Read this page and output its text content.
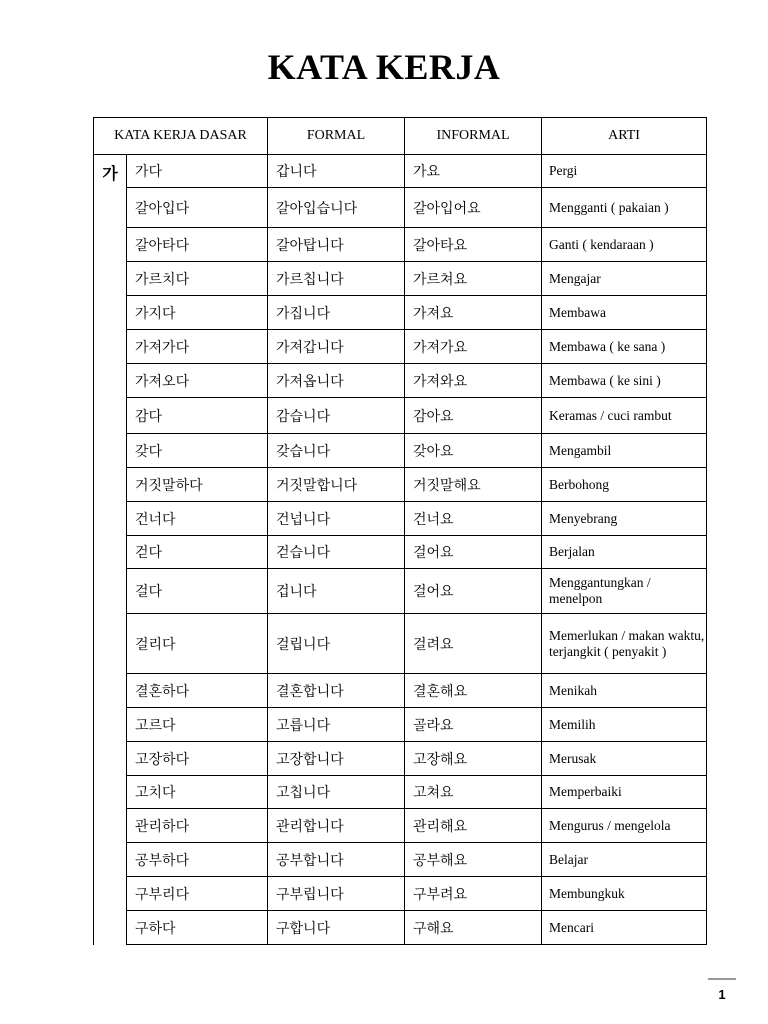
KATA KERJA
KATA KERJA DASAR		FORMAL	INFORMAL	ARTI
가	가다	갑니다	가요	Pergi
	갈아입다	갈아입습니다	갈아입어요	Mengganti ( pakaian )
	갈아타다	갈아탑니다	갈아타요	Ganti ( kendaraan )
	가르치다	가르칩니다	가르쳐요	Mengajar
	가지다	가집니다	가져요	Membawa
	가져가다	가져갑니다	가져가요	Membawa ( ke sana )
	가져오다	가져옵니다	가져와요	Membawa ( ke sini )
	감다	감습니다	감아요	Keramas / cuci rambut
	갖다	갖습니다	갖아요	Mengambil
	거짓말하다	거짓말합니다	거짓말해요	Berbohong
	건너다	건넙니다	건너요	Menyebrang
	걷다	걷습니다	걸어요	Berjalan
	걸다	겁니다	걸어요	Menggantungkan / menelpon
	걸리다	걸립니다	걸려요	Memerlukan / makan waktu, terjangkit ( penyakit )
	결혼하다	결혼합니다	결혼해요	Menikah
	고르다	고릅니다	골라요	Memilih
	고장하다	고장합니다	고장해요	Merusak
	고치다	고칩니다	고쳐요	Memperbaiki
	관리하다	관리합니다	관리해요	Mengurus / mengelola
	공부하다	공부합니다	공부해요	Belajar
	구부리다	구부립니다	구부려요	Membungkuk
	구하다	구합니다	구해요	Mencari
1
